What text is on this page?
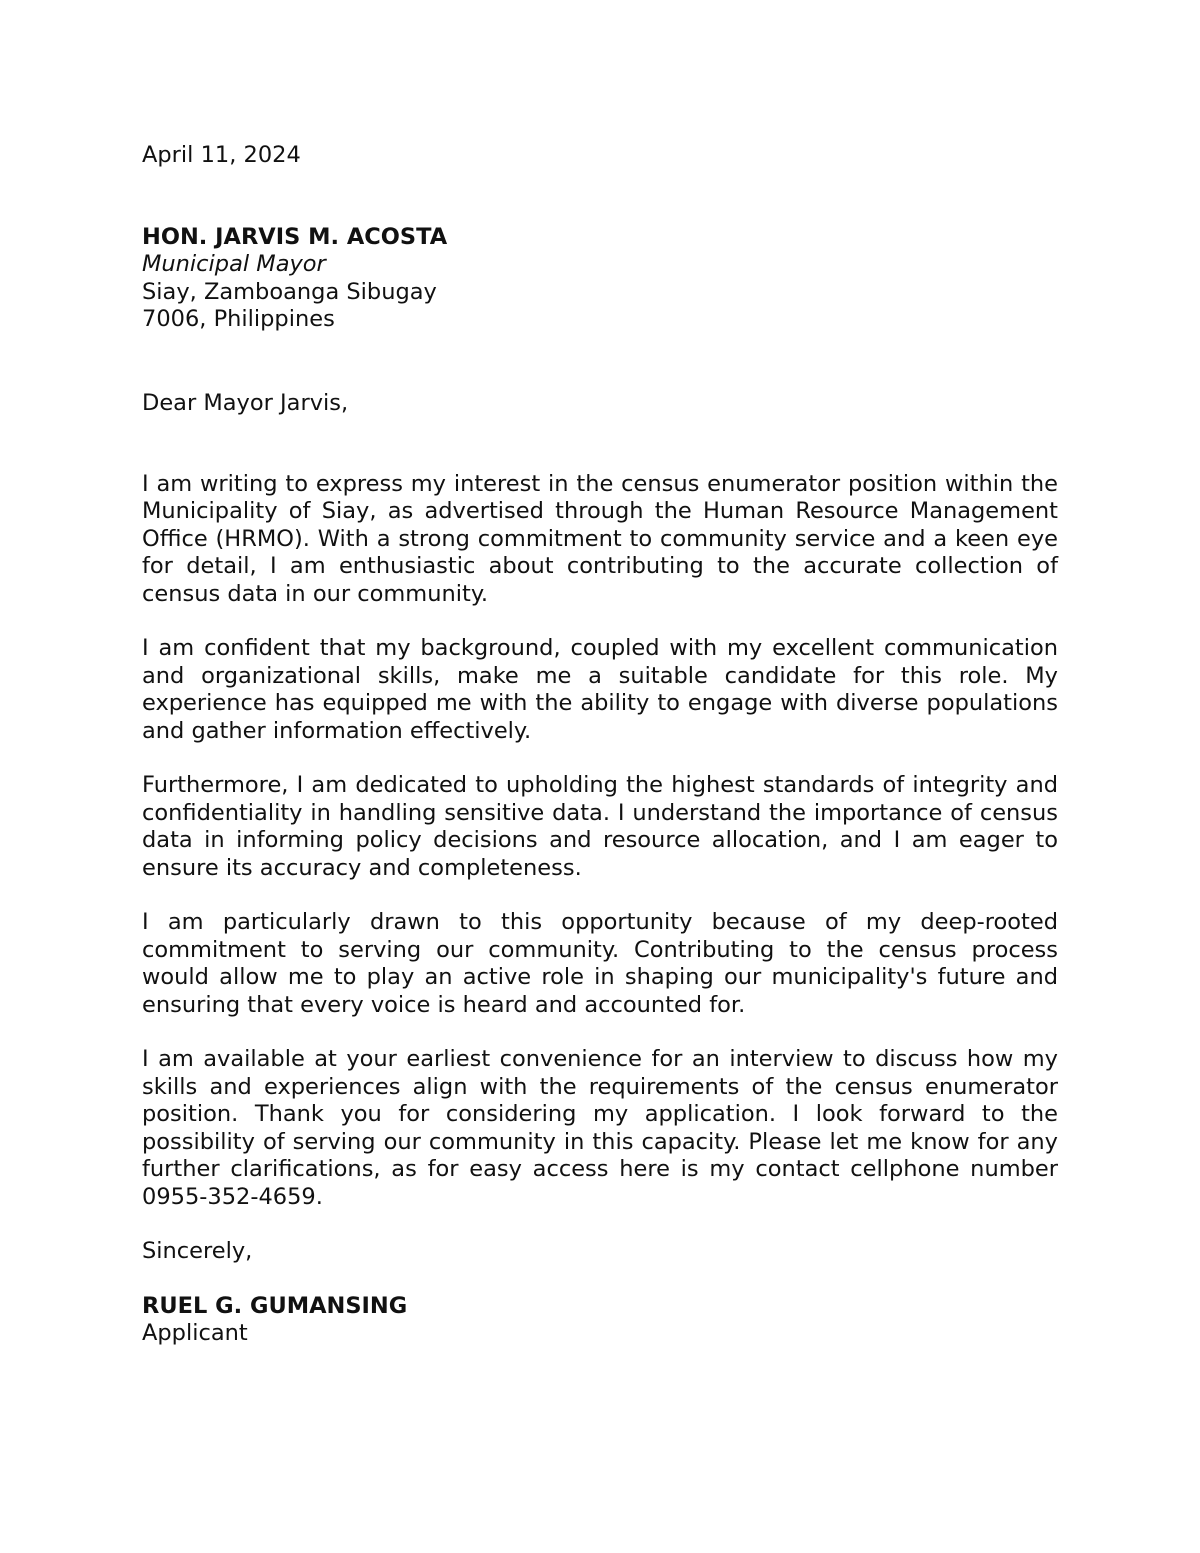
April 11, 2024
HON. JARVIS M. ACOSTA
Municipal Mayor
Siay, Zamboanga Sibugay
7006, Philippines
Dear Mayor Jarvis,

I am writing to express my interest in the census enumerator position within the Municipality of Siay, as advertised through the Human Resource Management Office (HRMO). With a strong commitment to community service and a keen eye for detail, I am enthusiastic about contributing to the accurate collection of census data in our community.

I am confident that my background, coupled with my excellent communication and organizational skills, make me a suitable candidate for this role. My experience has equipped me with the ability to engage with diverse populations and gather information effectively.

Furthermore, I am dedicated to upholding the highest standards of integrity and confidentiality in handling sensitive data. I understand the importance of census data in informing policy decisions and resource allocation, and I am eager to ensure its accuracy and completeness.

I am particularly drawn to this opportunity because of my deep-rooted commitment to serving our community. Contributing to the census process would allow me to play an active role in shaping our municipality's future and ensuring that every voice is heard and accounted for.

I am available at your earliest convenience for an interview to discuss how my skills and experiences align with the requirements of the census enumerator position. Thank you for considering my application. I look forward to the possibility of serving our community in this capacity. Please let me know for any further clarifications, as for easy access here is my contact cellphone number 0955-352-4659.

Sincerely,
RUEL G. GUMANSING
Applicant
